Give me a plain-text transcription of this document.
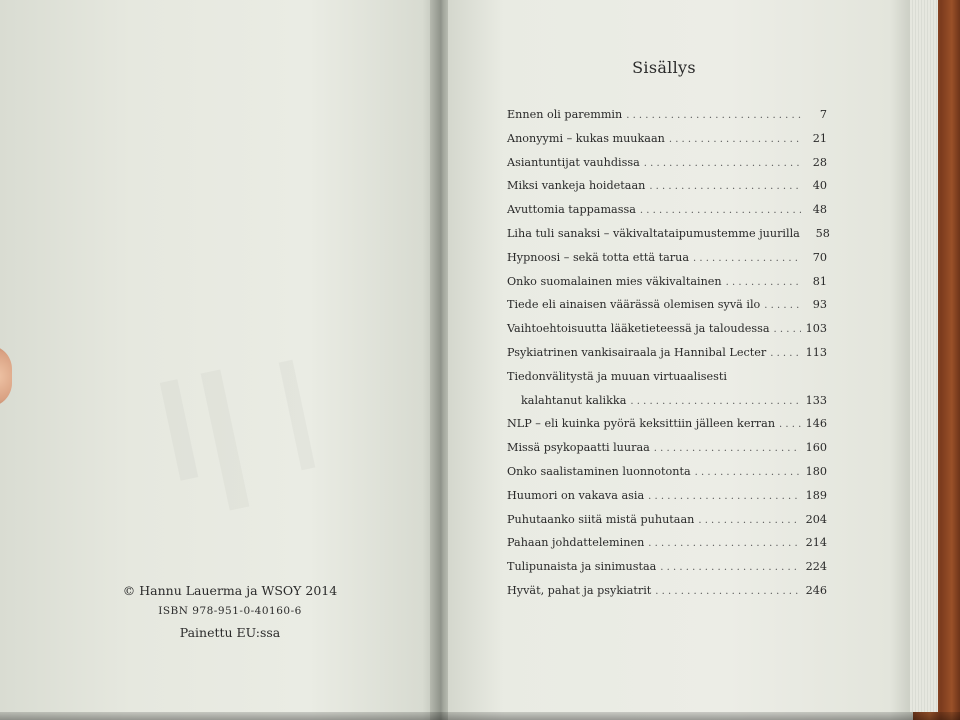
© Hannu Lauerma ja WSOY 2014
ISBN 978-951-0-40160-6
Painettu EU:ssa
Sisällys
Ennen oli paremmin . . .	7
Anonyymi – kukas muukaan . . .	21
Asiantuntijat vauhdissa . . .	28
Miksi vankeja hoidetaan . . .	40
Avuttomia tappamassa . . .	48
Liha tuli sanaksi – väkivaltataipumustemme juurilla	58
Hypnoosi – sekä totta että tarua . . .	70
Onko suomalainen mies väkivaltainen . . .	81
Tiede eli ainaisen väärässä olemisen syvä ilo . . .	93
Vaihtoehtoisuutta lääketieteessä ja taloudessa . . .	103
Psykiatrinen vankisairaala ja Hannibal Lecter . . .	113
Tiedonvälitystä ja muuan virtuaalisesti
kalahtanut kalikka . . .	133
NLP – eli kuinka pyörä keksittiin jälleen kerran . . .	146
Missä psykopaatti luuraa . . .	160
Onko saalistaminen luonnotonta . . .	180
Huumori on vakava asia . . .	189
Puhutaanko siitä mistä puhutaan . . .	204
Pahaan johdatteleminen . . .	214
Tulipunaista ja sinimustaa . . .	224
Hyvät, pahat ja psykiatrit . . .	246
